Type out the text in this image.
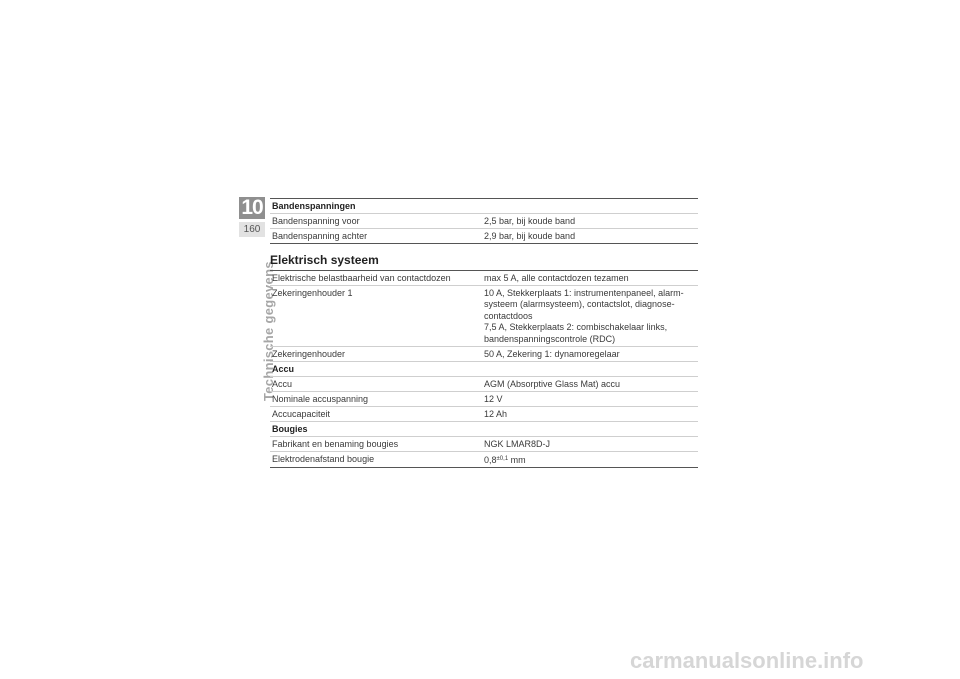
10
160
Technische gegevens
Bandenspanningen
Bandenspanning voor	2,5 bar, bij koude band
Bandenspanning achter	2,9 bar, bij koude band
Elektrisch systeem
Elektrische belastbaarheid van contactdozen	max 5 A, alle contactdozen tezamen
Zekeringenhouder 1	10 A, Stekkerplaats 1: instrumentenpaneel, alarm-
systeem (alarmsysteem), contactslot, diagnose-
contactdoos
7,5 A, Stekkerplaats 2: combischakelaar links,
bandenspanningscontrole (RDC)
Zekeringenhouder	50 A, Zekering 1: dynamoregelaar
Accu
Accu	AGM (Absorptive Glass Mat) accu
Nominale accuspanning	12 V
Accucapaciteit	12 Ah
Bougies
Fabrikant en benaming bougies	NGK LMAR8D-J
Elektrodenafstand bougie	$0,8^{\pm 0,1}$ mm
carmanualsonline.info
